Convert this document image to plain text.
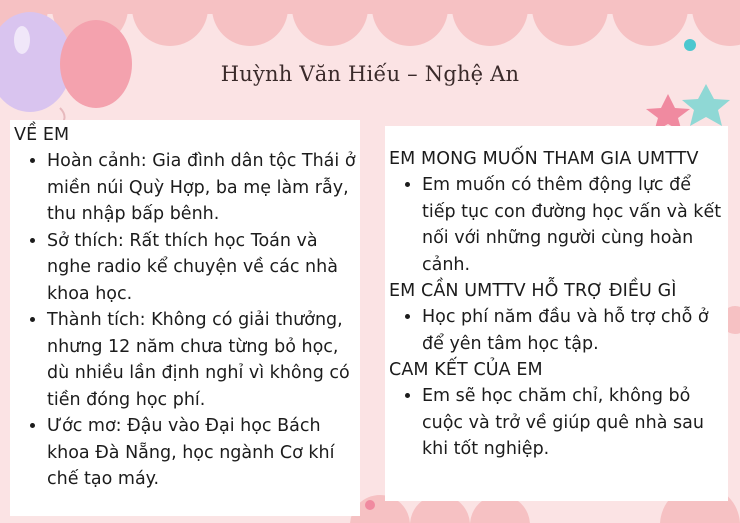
Huỳnh Văn Hiếu – Nghệ An
VỀ EM
• Hoàn cảnh: Gia đình dân tộc Thái ở miền núi Quỳ Hợp, ba mẹ làm rẫy, thu nhập bấp bênh.
• Sở thích: Rất thích học Toán và nghe radio kể chuyện về các nhà khoa học.
• Thành tích: Không có giải thưởng, nhưng 12 năm chưa từng bỏ học, dù nhiều lần định nghỉ vì không có tiền đóng học phí.
• Ước mơ: Đậu vào Đại học Bách khoa Đà Nẵng, học ngành Cơ khí chế tạo máy.
EM MONG MUỐN THAM GIA UMTTV
• Em muốn có thêm động lực để tiếp tục con đường học vấn và kết nối với những người cùng hoàn cảnh.
EM CẦN UMTTV HỖ TRỢ ĐIỀU GÌ
• Học phí năm đầu và hỗ trợ chỗ ở để yên tâm học tập.
CAM KẾT CỦA EM
• Em sẽ học chăm chỉ, không bỏ cuộc và trở về giúp quê nhà sau khi tốt nghiệp.
